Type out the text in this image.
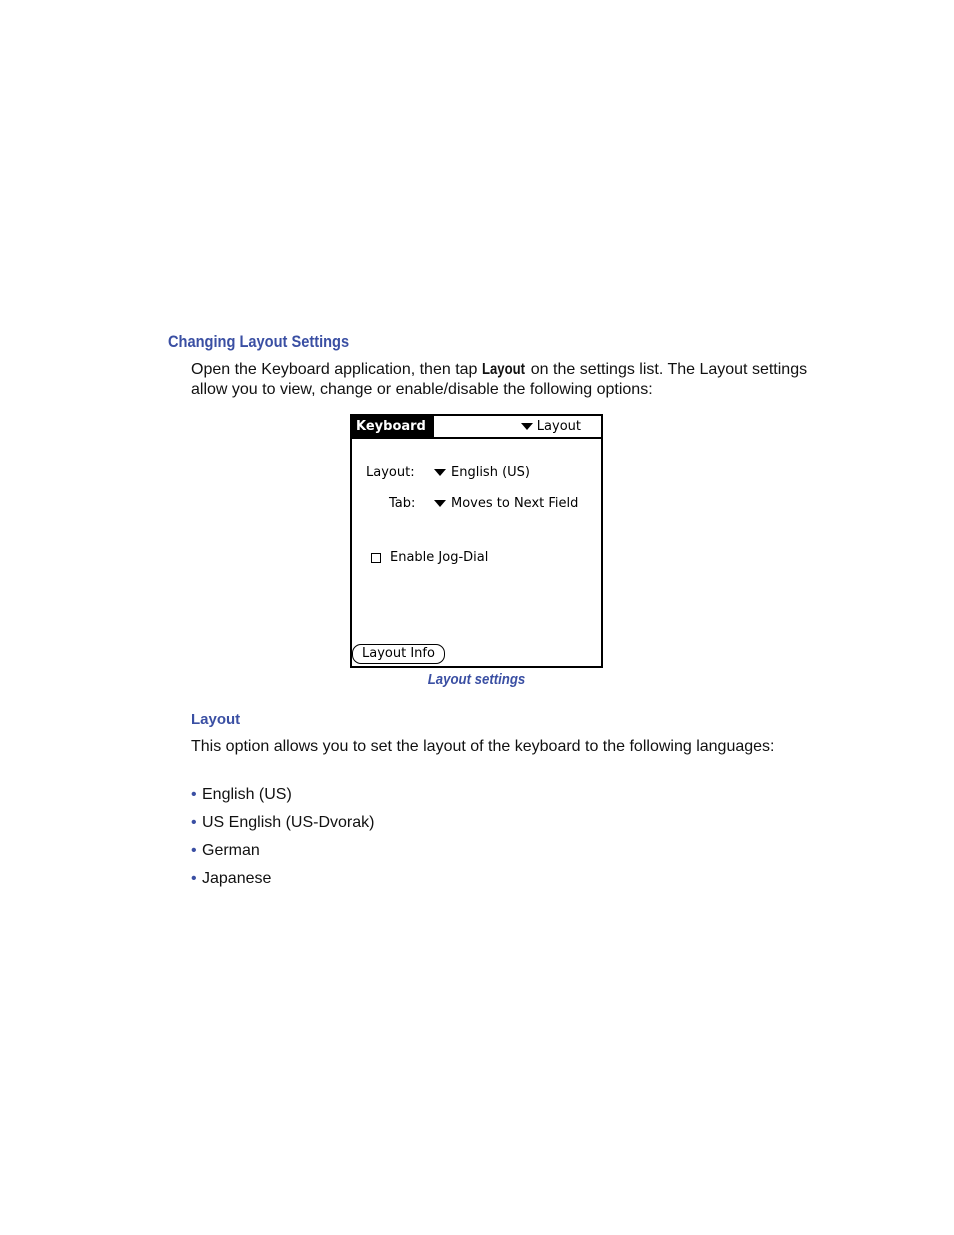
Changing Layout Settings

Open the Keyboard application, then tap Layout on the settings list. The Layout settings allow you to view, change or enable/disable the following options:

Keyboard	Layout
Layout:	English (US)
Tab:	Moves to Next Field
Enable Jog-Dial
Layout Info

Layout settings

Layout

This option allows you to set the layout of the keyboard to the following languages:

• English (US)
• US English (US-Dvorak)
• German
• Japanese
